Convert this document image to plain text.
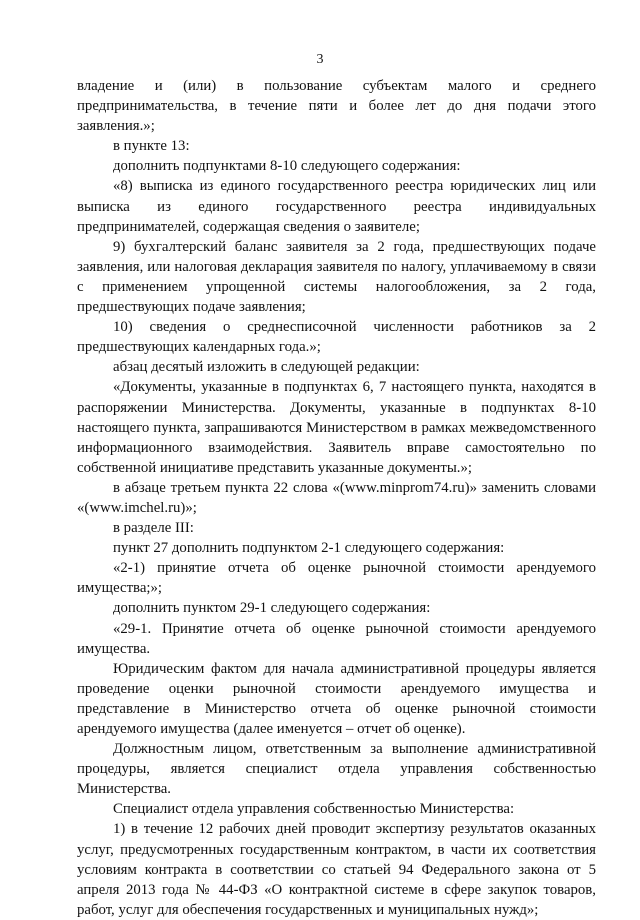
3

владение и (или) в пользование субъектам малого и среднего предпринимательства, в течение пяти и более лет до дня подачи этого заявления.»;

в пункте 13:

дополнить подпунктами 8-10 следующего содержания:

«8) выписка из единого государственного реестра юридических лиц или выписка из единого государственного реестра индивидуальных предпринимателей, содержащая сведения о заявителе;

9) бухгалтерский баланс заявителя за 2 года, предшествующих подаче заявления, или налоговая декларация заявителя по налогу, уплачиваемому в связи с применением упрощенной системы налогообложения, за 2 года, предшествующих подаче заявления;

10) сведения о среднесписочной численности работников за 2 предшествующих календарных года.»;

абзац десятый изложить в следующей редакции:

«Документы, указанные в подпунктах 6, 7 настоящего пункта, находятся в распоряжении Министерства. Документы, указанные в подпунктах 8-10 настоящего пункта, запрашиваются Министерством в рамках межведомственного информационного взаимодействия. Заявитель вправе самостоятельно по собственной инициативе представить указанные документы.»;

в абзаце третьем пункта 22 слова «(www.minprom74.ru)» заменить словами «(www.imchel.ru)»;

в разделе III:

пункт 27 дополнить подпунктом 2-1 следующего содержания:

«2-1) принятие отчета об оценке рыночной стоимости арендуемого имущества;»;

дополнить пунктом 29-1 следующего содержания:

«29-1. Принятие отчета об оценке рыночной стоимости арендуемого имущества.

Юридическим фактом для начала административной процедуры является проведение оценки рыночной стоимости арендуемого имущества и представление в Министерство отчета об оценке рыночной стоимости арендуемого имущества (далее именуется – отчет об оценке).

Должностным лицом, ответственным за выполнение административной процедуры, является специалист отдела управления собственностью Министерства.

Специалист отдела управления собственностью Министерства:

1) в течение 12 рабочих дней проводит экспертизу результатов оказанных услуг, предусмотренных государственным контрактом, в части их соответствия условиям контракта в соответствии со статьей 94 Федерального закона от 5 апреля 2013 года № 44-ФЗ «О контрактной системе в сфере закупок товаров, работ, услуг для обеспечения государственных и муниципальных нужд»;
